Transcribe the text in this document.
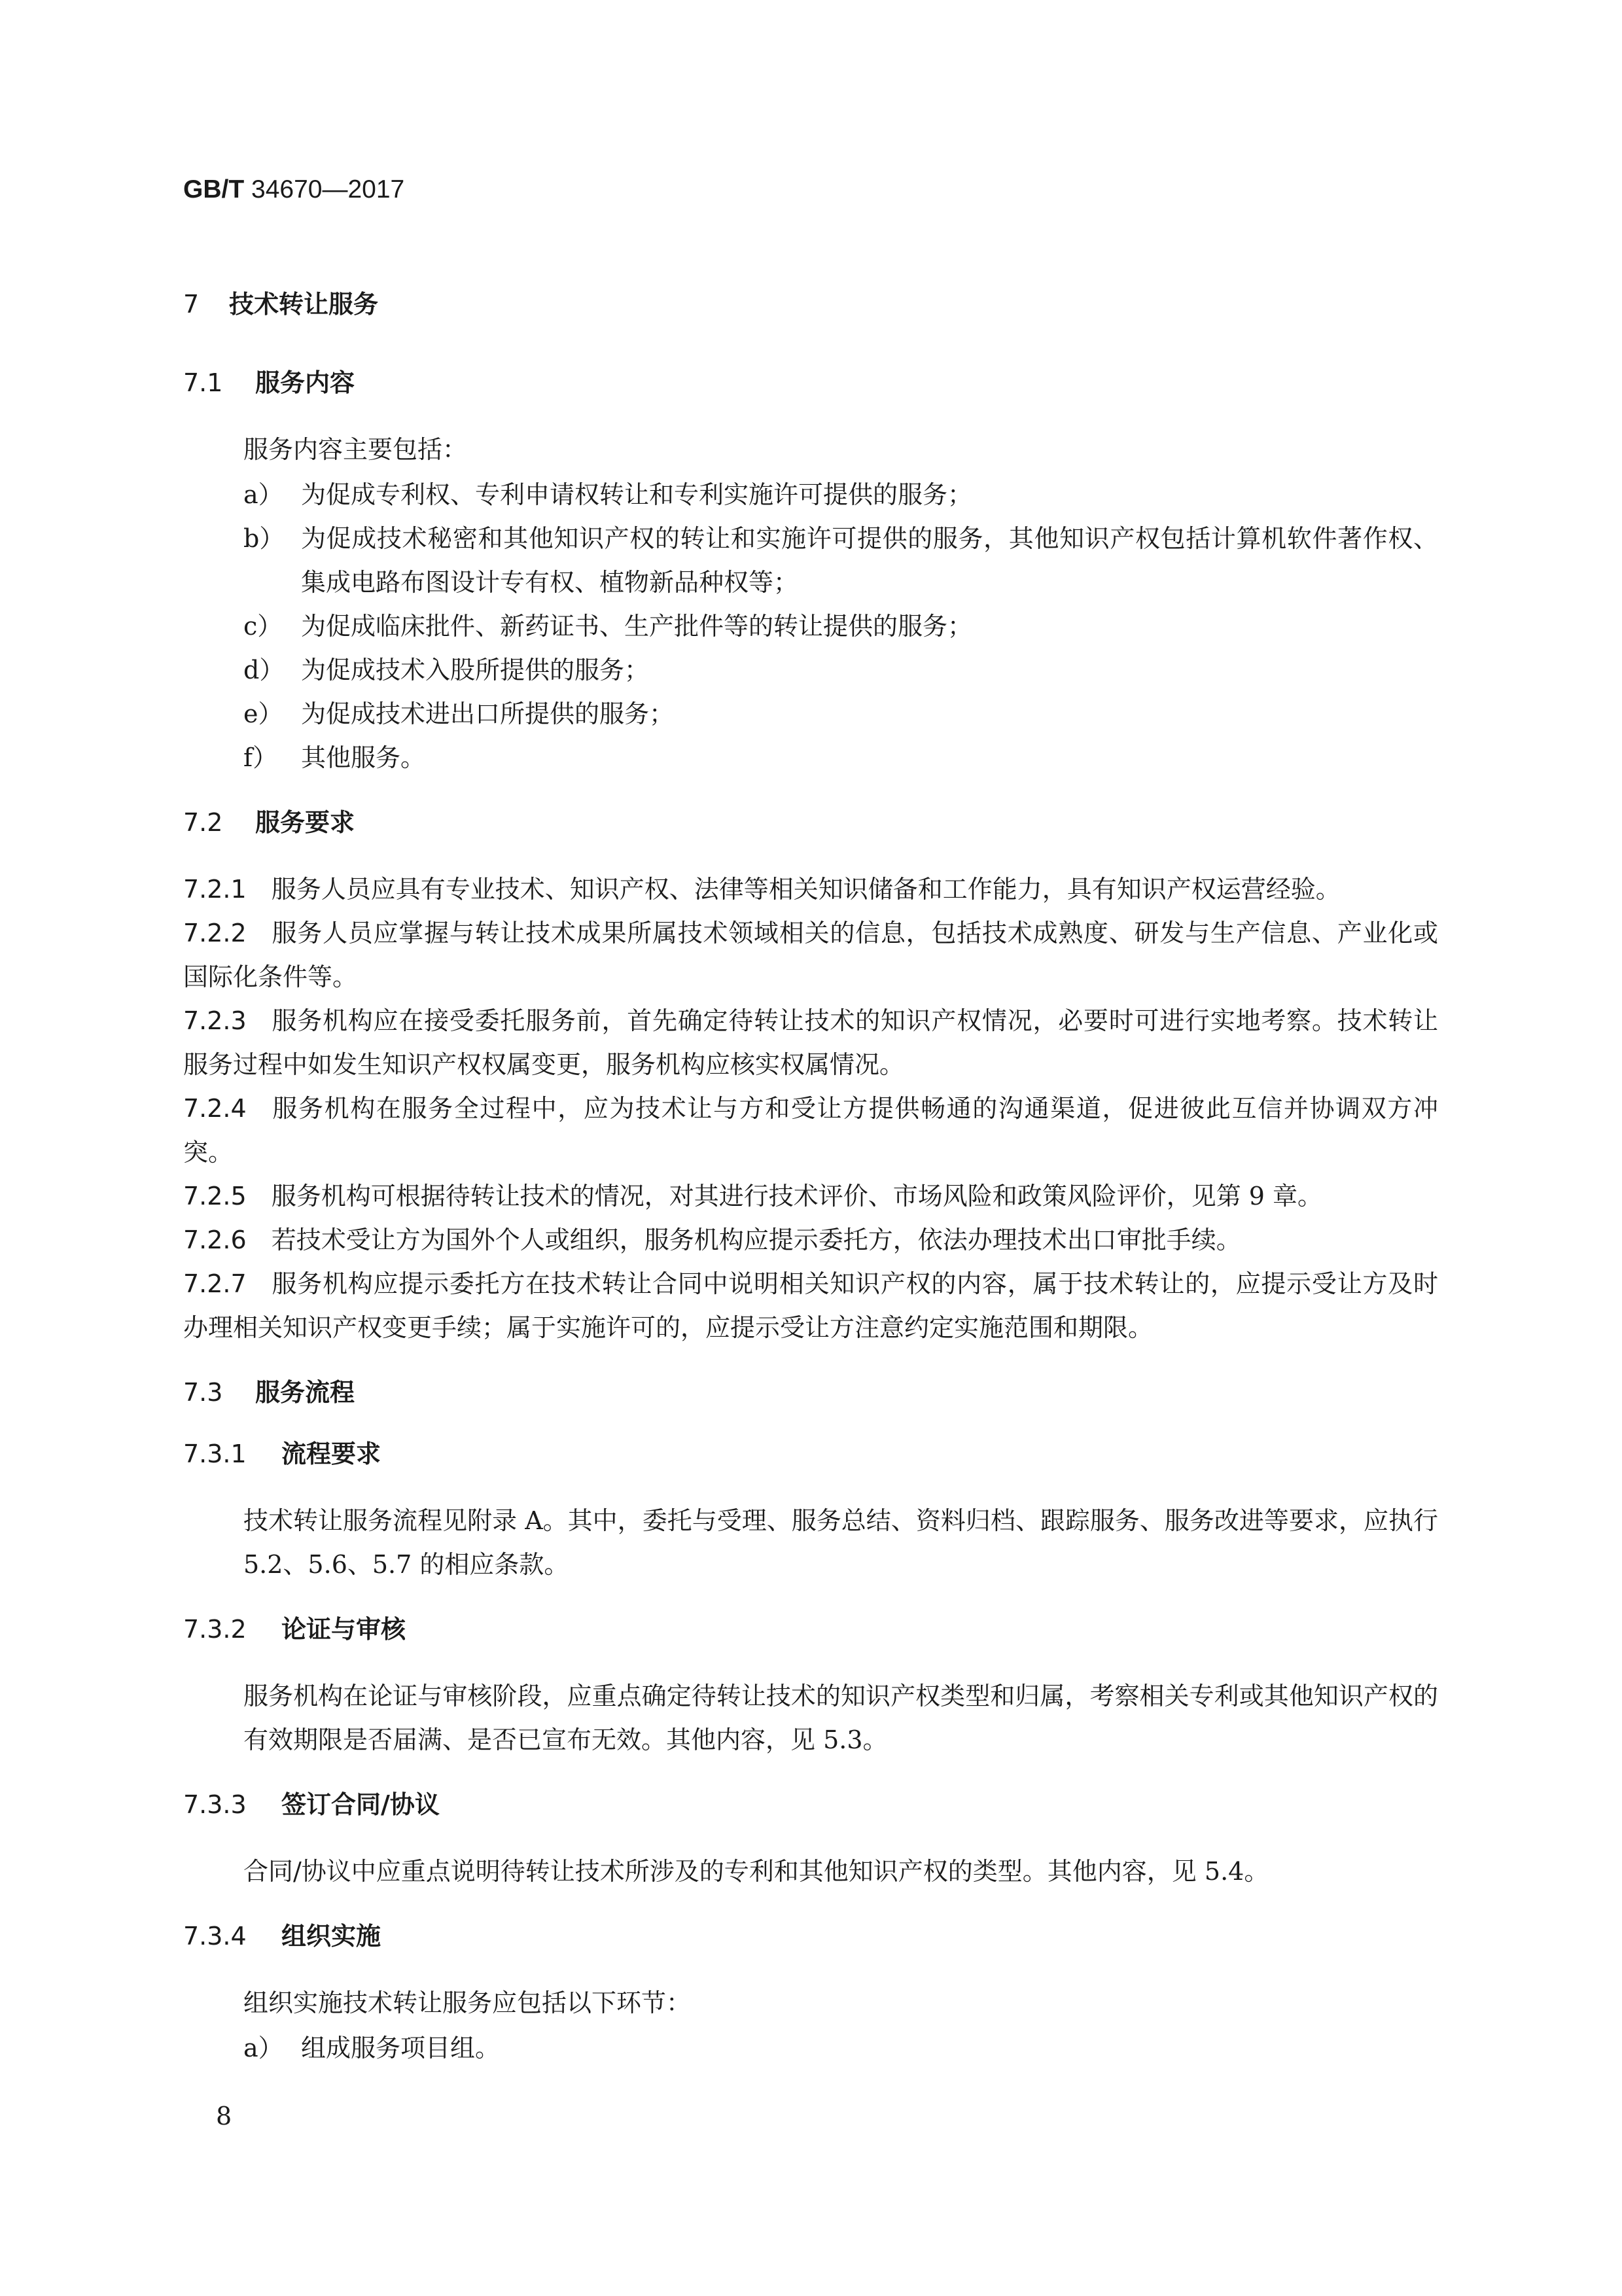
GB/T 34670—2017
7 技术转让服务
7.1 服务内容
服务内容主要包括：
a） 为促成专利权、专利申请权转让和专利实施许可提供的服务；
b） 为促成技术秘密和其他知识产权的转让和实施许可提供的服务，其他知识产权包括计算机软件著作权、集成电路布图设计专有权、植物新品种权等；
c） 为促成临床批件、新药证书、生产批件等的转让提供的服务；
d） 为促成技术入股所提供的服务；
e） 为促成技术进出口所提供的服务；
f） 其他服务。
7.2 服务要求
7.2.1 服务人员应具有专业技术、知识产权、法律等相关知识储备和工作能力，具有知识产权运营经验。
7.2.2 服务人员应掌握与转让技术成果所属技术领域相关的信息，包括技术成熟度、研发与生产信息、产业化或国际化条件等。
7.2.3 服务机构应在接受委托服务前，首先确定待转让技术的知识产权情况，必要时可进行实地考察。技术转让服务过程中如发生知识产权权属变更，服务机构应核实权属情况。
7.2.4 服务机构在服务全过程中，应为技术让与方和受让方提供畅通的沟通渠道，促进彼此互信并协调双方冲突。
7.2.5 服务机构可根据待转让技术的情况，对其进行技术评价、市场风险和政策风险评价，见第 9 章。
7.2.6 若技术受让方为国外个人或组织，服务机构应提示委托方，依法办理技术出口审批手续。
7.2.7 服务机构应提示委托方在技术转让合同中说明相关知识产权的内容，属于技术转让的，应提示受让方及时办理相关知识产权变更手续；属于实施许可的，应提示受让方注意约定实施范围和期限。
7.3 服务流程
7.3.1 流程要求
技术转让服务流程见附录 A。其中，委托与受理、服务总结、资料归档、跟踪服务、服务改进等要求，应执行 5.2、5.6、5.7 的相应条款。
7.3.2 论证与审核
服务机构在论证与审核阶段，应重点确定待转让技术的知识产权类型和归属，考察相关专利或其他知识产权的有效期限是否届满、是否已宣布无效。其他内容，见 5.3。
7.3.3 签订合同/协议
合同/协议中应重点说明待转让技术所涉及的专利和其他知识产权的类型。其他内容，见 5.4。
7.3.4 组织实施
组织实施技术转让服务应包括以下环节：
a） 组成服务项目组。
8
